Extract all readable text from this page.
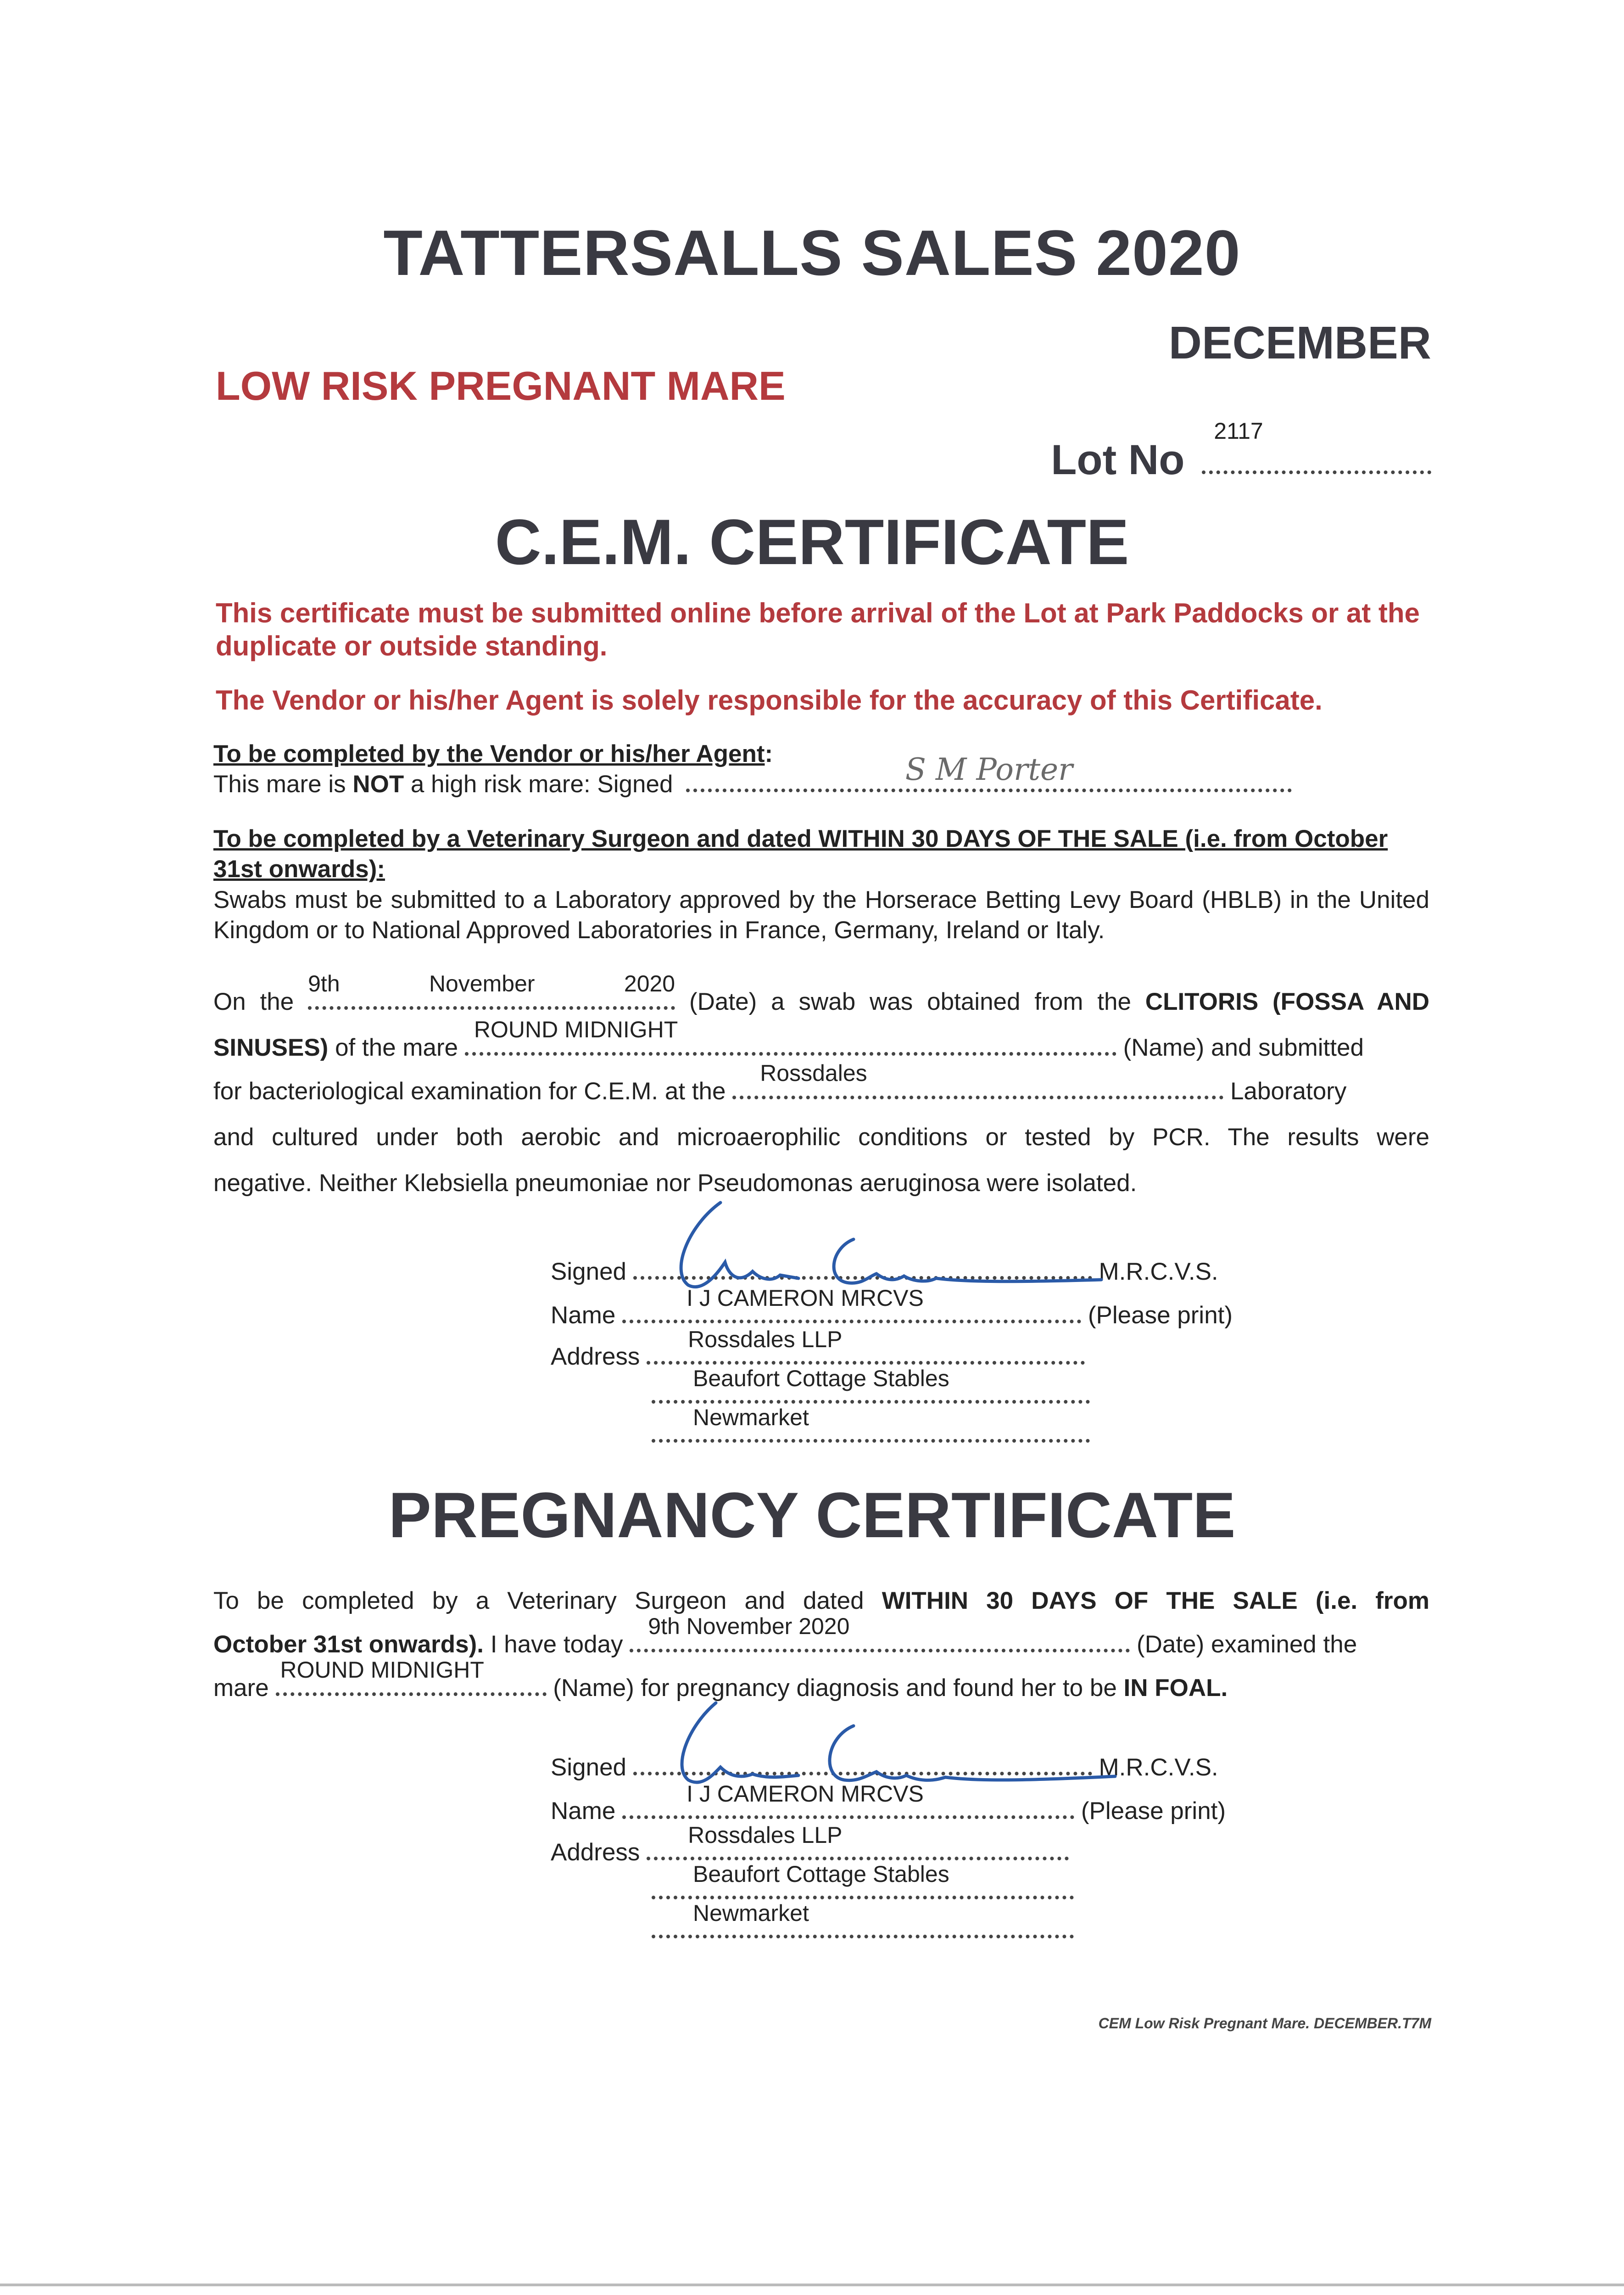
TATTERSALLS SALES 2020
DECEMBER
LOW RISK PREGNANT MARE
Lot No
2117
C.E.M. CERTIFICATE
This certificate must be submitted online before arrival of the Lot at Park Paddocks or at the duplicate or outside standing.
The Vendor or his/her Agent is solely responsible for the accuracy of this Certificate.
To be completed by the Vendor or his/her Agent:
This mare is NOT a high risk mare: Signed	S M Porter
To be completed by a Veterinary Surgeon and dated WITHIN 30 DAYS OF THE SALE (i.e. from October 31st onwards):
Swabs must be submitted to a Laboratory approved by the Horserace Betting Levy Board (HBLB) in the United Kingdom or to National Approved Laboratories in France, Germany, Ireland or Italy.
On the
9th November 2020
(Date) a swab was obtained from the CLITORIS (FOSSA AND
SINUSES) of the mare
ROUND MIDNIGHT
(Name) and submitted
for bacteriological examination for C.E.M. at the
Rossdales
Laboratory
and cultured under both aerobic and microaerophilic conditions or tested by PCR. The results were
negative. Neither Klebsiella pneumoniae nor Pseudomonas aeruginosa were isolated.
Signed	M.R.C.V.S.
Name
I J CAMERON MRCVS
(Please print)
Address
Rossdales LLP
Beaufort Cottage Stables
Newmarket
PREGNANCY CERTIFICATE
To be completed by a Veterinary Surgeon and dated WITHIN 30 DAYS OF THE SALE (i.e. from
October 31st onwards). I have today
9th November 2020
(Date) examined the
mare
ROUND MIDNIGHT
(Name) for pregnancy diagnosis and found her to be IN FOAL.
Signed	M.R.C.V.S.
Name
I J CAMERON MRCVS
(Please print)
Address
Rossdales LLP
Beaufort Cottage Stables
Newmarket
CEM Low Risk Pregnant Mare. DECEMBER.T7M
